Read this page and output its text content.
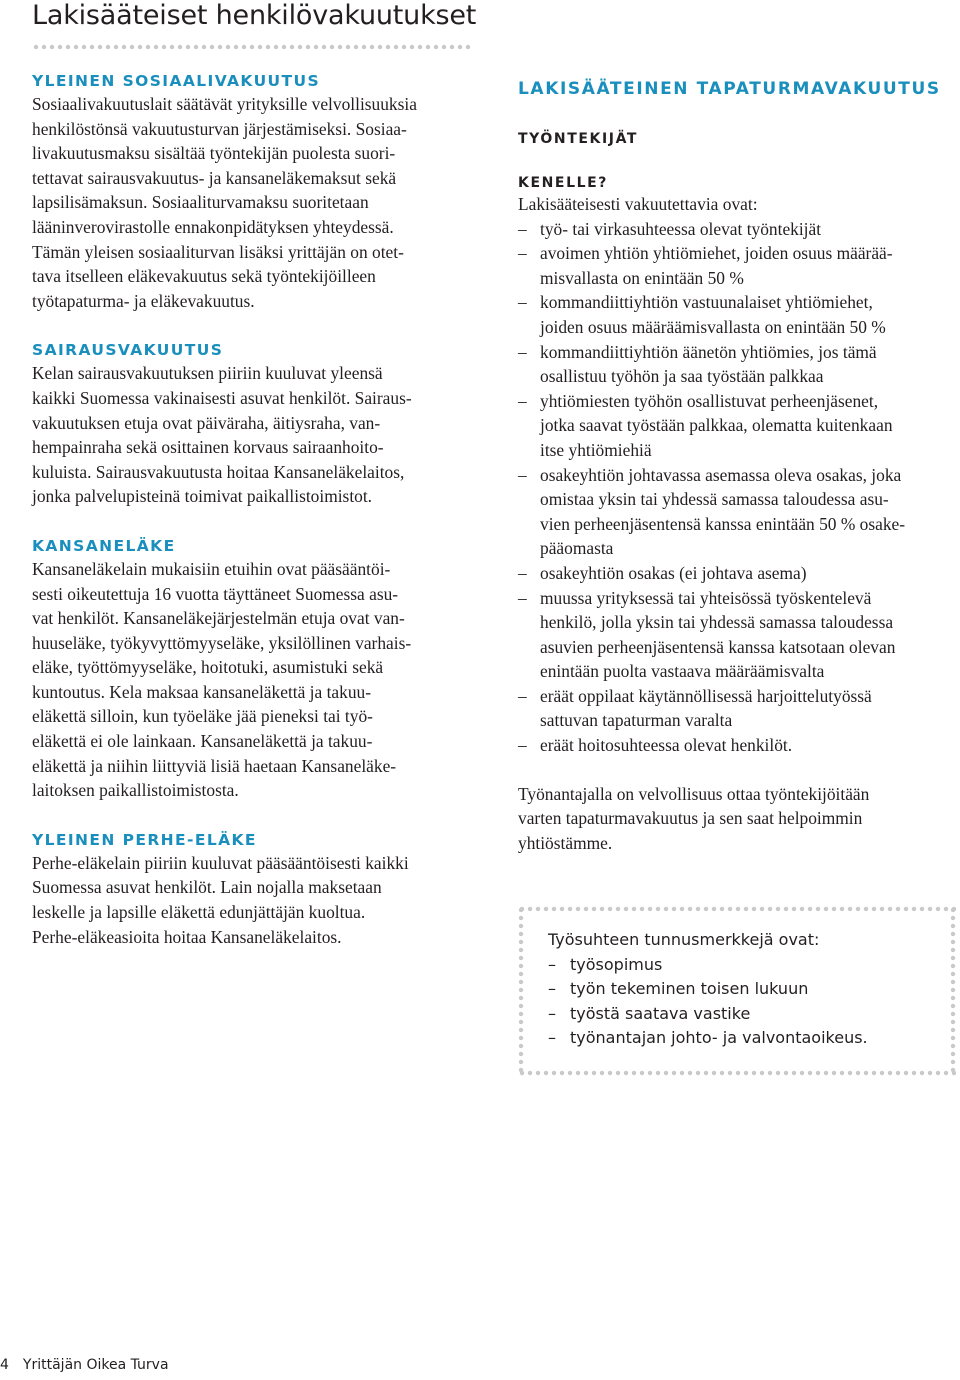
Lakisääteiset henkilövakuutukset
YLEINEN SOSIAALIVAKUUTUS
Sosiaalivakuutuslait säätävät yrityksille velvollisuuksia
henkilöstönsä vakuutusturvan järjestämiseksi. Sosiaa-
livakuutusmaksu sisältää työntekijän puolesta suori-
tettavat sairausvakuutus- ja kansaneläkemaksut sekä
lapsilisämaksun. Sosiaaliturvamaksu suoritetaan
lääninverovirastolle ennakonpidätyksen yhteydessä.
Tämän yleisen sosiaaliturvan lisäksi yrittäjän on otet-
tava itselleen eläkevakuutus sekä työntekijöilleen
työtapaturma- ja eläkevakuutus.
SAIRAUSVAKUUTUS
Kelan sairausvakuutuksen piiriin kuuluvat yleensä
kaikki Suomessa vakinaisesti asuvat henkilöt. Sairaus-
vakuutuksen etuja ovat päiväraha, äitiysraha, van-
hempainraha sekä osittainen korvaus sairaanhoito-
kuluista. Sairausvakuutusta hoitaa Kansaneläkelaitos,
jonka palvelupisteinä toimivat paikallistoimistot.
KANSANELÄKE
Kansaneläkelain mukaisiin etuihin ovat pääsääntöi-
sesti oikeutettuja 16 vuotta täyttäneet Suomessa asu-
vat henkilöt. Kansaneläkejärjestelmän etuja ovat van-
huuseläke, työkyvyttömyyseläke, yksilöllinen varhais-
eläke, työttömyyseläke, hoitotuki, asumistuki sekä
kuntoutus. Kela maksaa kansaneläkettä ja takuu-
eläkettä silloin, kun työeläke jää pieneksi tai työ-
eläkettä ei ole lainkaan. Kansaneläkettä ja takuu-
eläkettä ja niihin liittyviä lisiä haetaan Kansaneläke-
laitoksen paikallistoimistosta.
YLEINEN PERHE-ELÄKE
Perhe-eläkelain piiriin kuuluvat pääsääntöisesti kaikki
Suomessa asuvat henkilöt. Lain nojalla maksetaan
leskelle ja lapsille eläkettä edunjättäjän kuoltua.
Perhe-eläkeasioita hoitaa Kansaneläkelaitos.
LAKISÄÄTEINEN TAPATURMAVAKUUTUS
TYÖNTEKIJÄT
KENELLE?
Lakisääteisesti vakuutettavia ovat:
– työ- tai virkasuhteessa olevat työntekijät
– avoimen yhtiön yhtiömiehet, joiden osuus määrää-
misvallasta on enintään 50 %
– kommandiittiyhtiön vastuunalaiset yhtiömiehet,
joiden osuus määräämisvallasta on enintään 50 %
– kommandiittiyhtiön äänetön yhtiömies, jos tämä
osallistuu työhön ja saa työstään palkkaa
– yhtiömiesten työhön osallistuvat perheenjäsenet,
jotka saavat työstään palkkaa, olematta kuitenkaan
itse yhtiömiehiä
– osakeyhtiön johtavassa asemassa oleva osakas, joka
omistaa yksin tai yhdessä samassa taloudessa asu-
vien perheenjäsentensä kanssa enintään 50 % osake-
pääomasta
– osakeyhtiön osakas (ei johtava asema)
– muussa yrityksessä tai yhteisössä työskentelevä
henkilö, jolla yksin tai yhdessä samassa taloudessa
asuvien perheenjäsentensä kanssa katsotaan olevan
enintään puolta vastaava määräämisvalta
– eräät oppilaat käytännöllisessä harjoittelutyössä
sattuvan tapaturman varalta
– eräät hoitosuhteessa olevat henkilöt.
Työnantajalla on velvollisuus ottaa työntekijöitään
varten tapaturmavakuutus ja sen saat helpoimmin
yhtiöstämme.
Työsuhteen tunnusmerkkejä ovat:
– työsopimus
– työn tekeminen toisen lukuun
– työstä saatava vastike
– työnantajan johto- ja valvontaoikeus.
4 Yrittäjän Oikea Turva
